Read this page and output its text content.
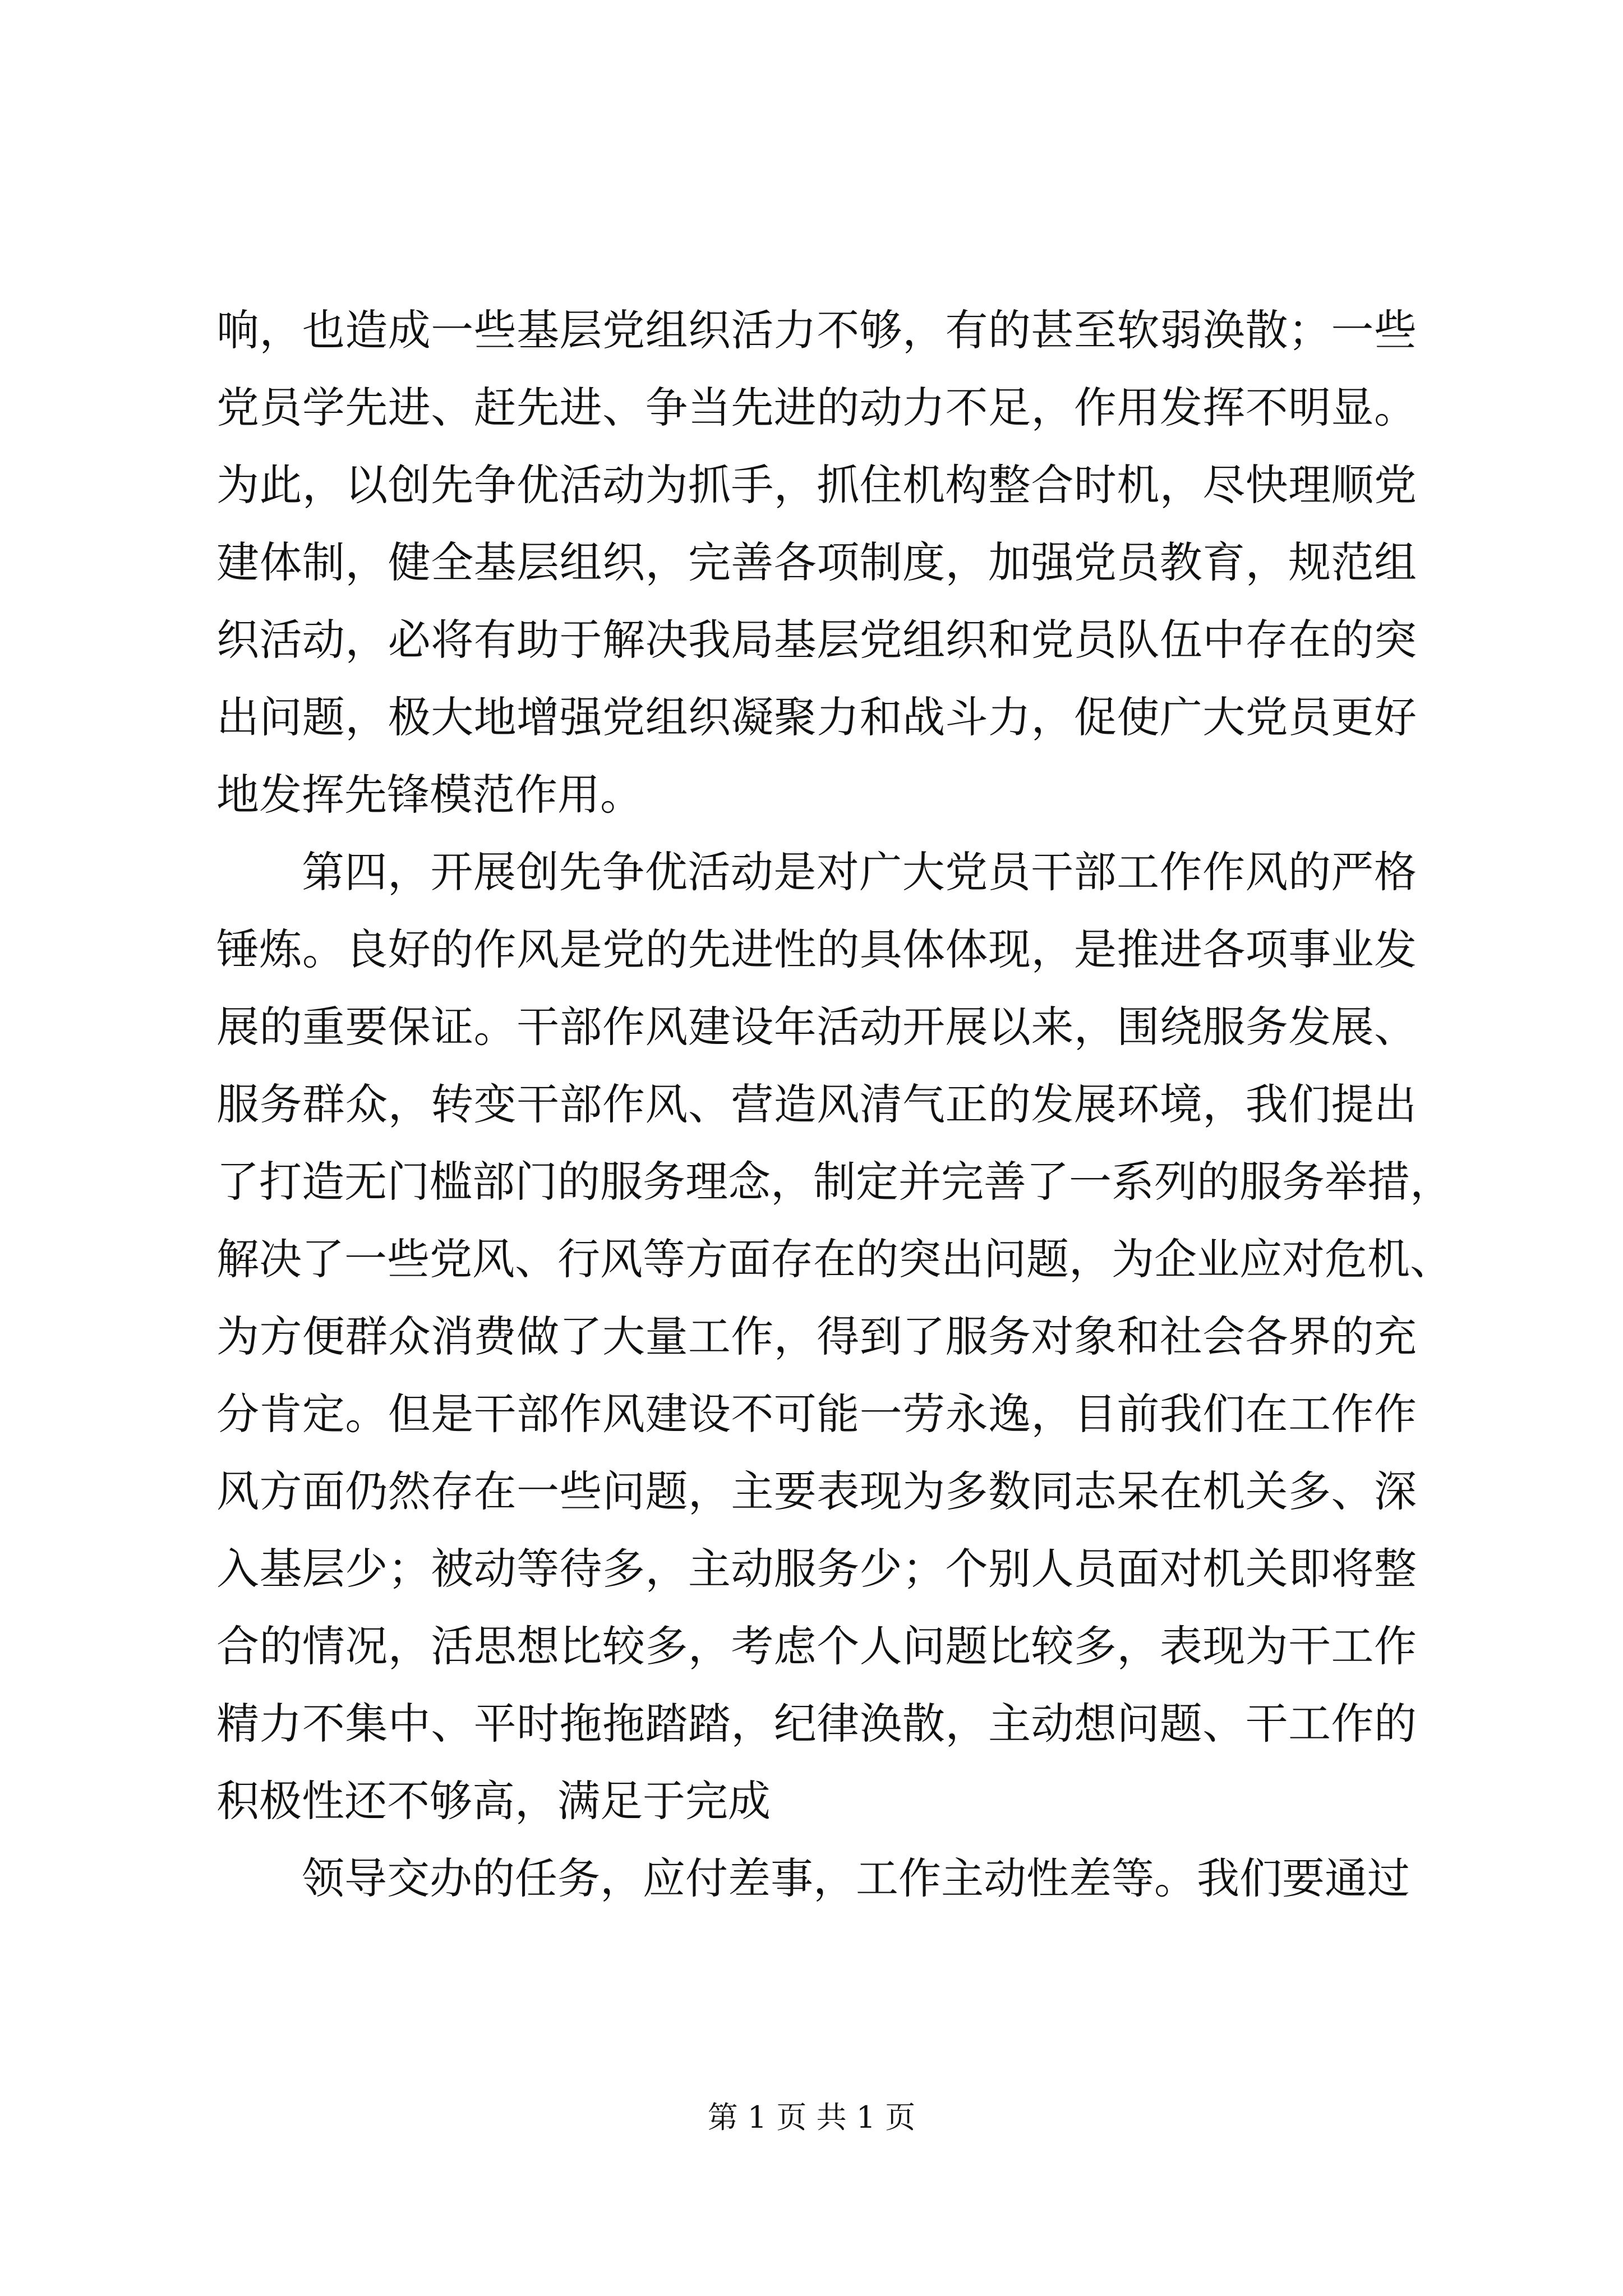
响，也造成一些基层党组织活力不够，有的甚至软弱涣散；一些
党员学先进、赶先进、争当先进的动力不足，作用发挥不明显。
为此，以创先争优活动为抓手，抓住机构整合时机，尽快理顺党
建体制，健全基层组织，完善各项制度，加强党员教育，规范组
织活动，必将有助于解决我局基层党组织和党员队伍中存在的突
出问题，极大地增强党组织凝聚力和战斗力，促使广大党员更好
地发挥先锋模范作用。
第四，开展创先争优活动是对广大党员干部工作作风的严格
锤炼。良好的作风是党的先进性的具体体现，是推进各项事业发
展的重要保证。干部作风建设年活动开展以来，围绕服务发展、
服务群众，转变干部作风、营造风清气正的发展环境，我们提出
了打造无门槛部门的服务理念，制定并完善了一系列的服务举措，
解决了一些党风、行风等方面存在的突出问题，为企业应对危机、
为方便群众消费做了大量工作，得到了服务对象和社会各界的充
分肯定。但是干部作风建设不可能一劳永逸，目前我们在工作作
风方面仍然存在一些问题，主要表现为多数同志呆在机关多、深
入基层少；被动等待多，主动服务少；个别人员面对机关即将整
合的情况，活思想比较多，考虑个人问题比较多，表现为干工作
精力不集中、平时拖拖踏踏，纪律涣散，主动想问题、干工作的
积极性还不够高，满足于完成
领导交办的任务，应付差事，工作主动性差等。我们要通过
第 1 页 共 1 页
